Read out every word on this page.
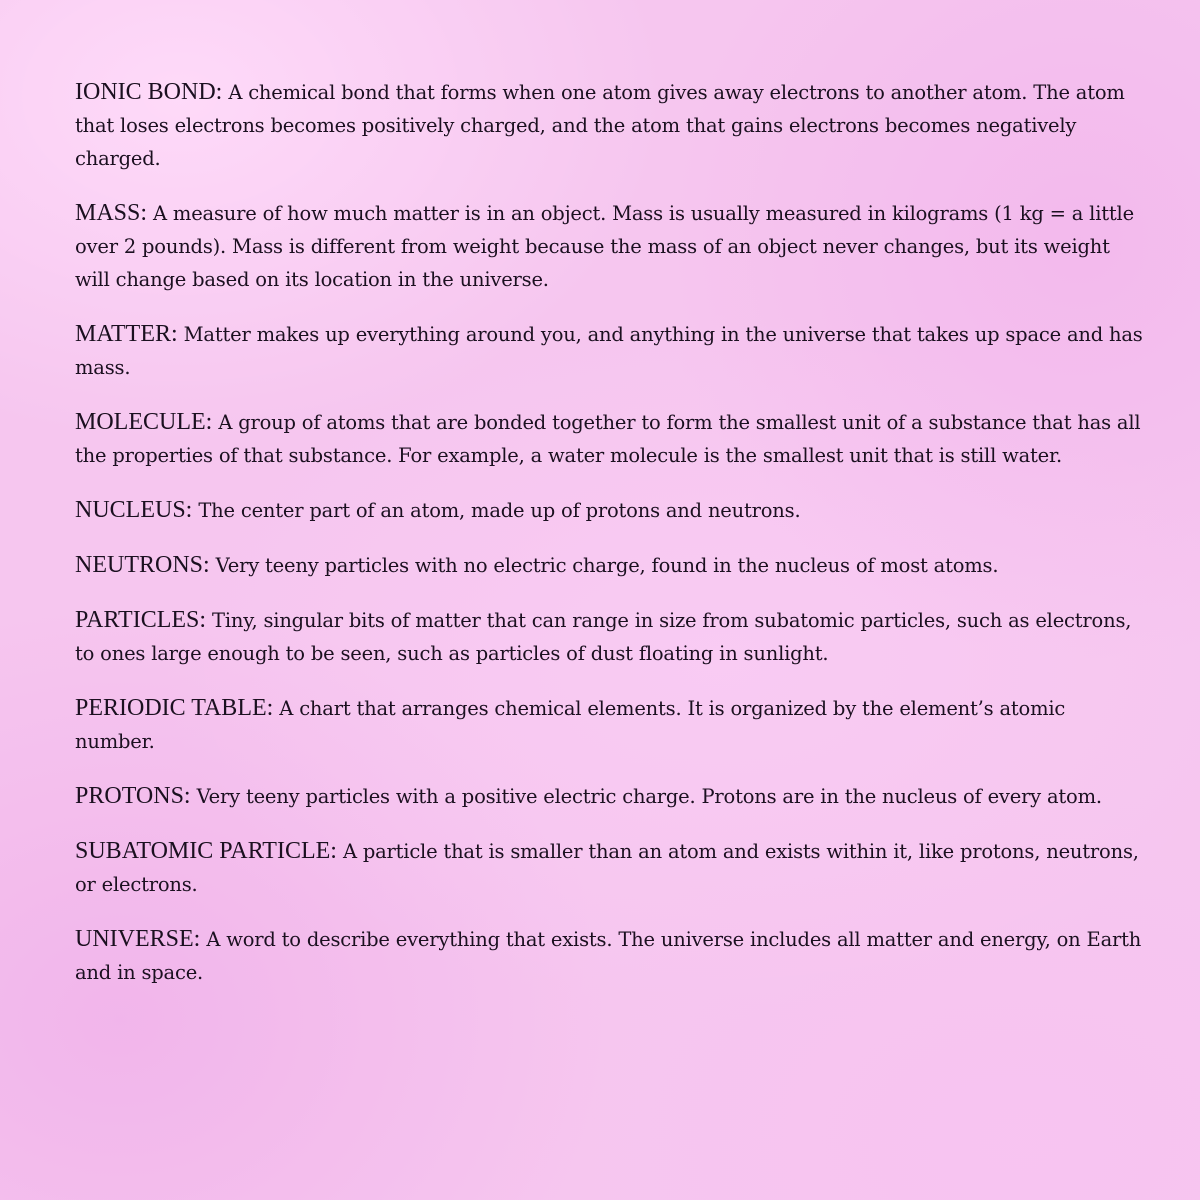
IONIC BOND: A chemical bond that forms when one atom gives away electrons to another atom. The atom that loses electrons becomes positively charged, and the atom that gains electrons becomes negatively charged.

MASS: A measure of how much matter is in an object. Mass is usually measured in kilograms (1 kg = a little over 2 pounds). Mass is different from weight because the mass of an object never changes, but its weight will change based on its location in the universe.

MATTER: Matter makes up everything around you, and anything in the universe that takes up space and has mass.

MOLECULE: A group of atoms that are bonded together to form the smallest unit of a substance that has all the properties of that substance. For example, a water molecule is the smallest unit that is still water.

NUCLEUS: The center part of an atom, made up of protons and neutrons.

NEUTRONS: Very teeny particles with no electric charge, found in the nucleus of most atoms.

PARTICLES: Tiny, singular bits of matter that can range in size from subatomic particles, such as electrons, to ones large enough to be seen, such as particles of dust floating in sunlight.

PERIODIC TABLE: A chart that arranges chemical elements. It is organized by the element’s atomic number.

PROTONS: Very teeny particles with a positive electric charge. Protons are in the nucleus of every atom.

SUBATOMIC PARTICLE: A particle that is smaller than an atom and exists within it, like protons, neutrons, or electrons.

UNIVERSE: A word to describe everything that exists. The universe includes all matter and energy, on Earth and in space.
